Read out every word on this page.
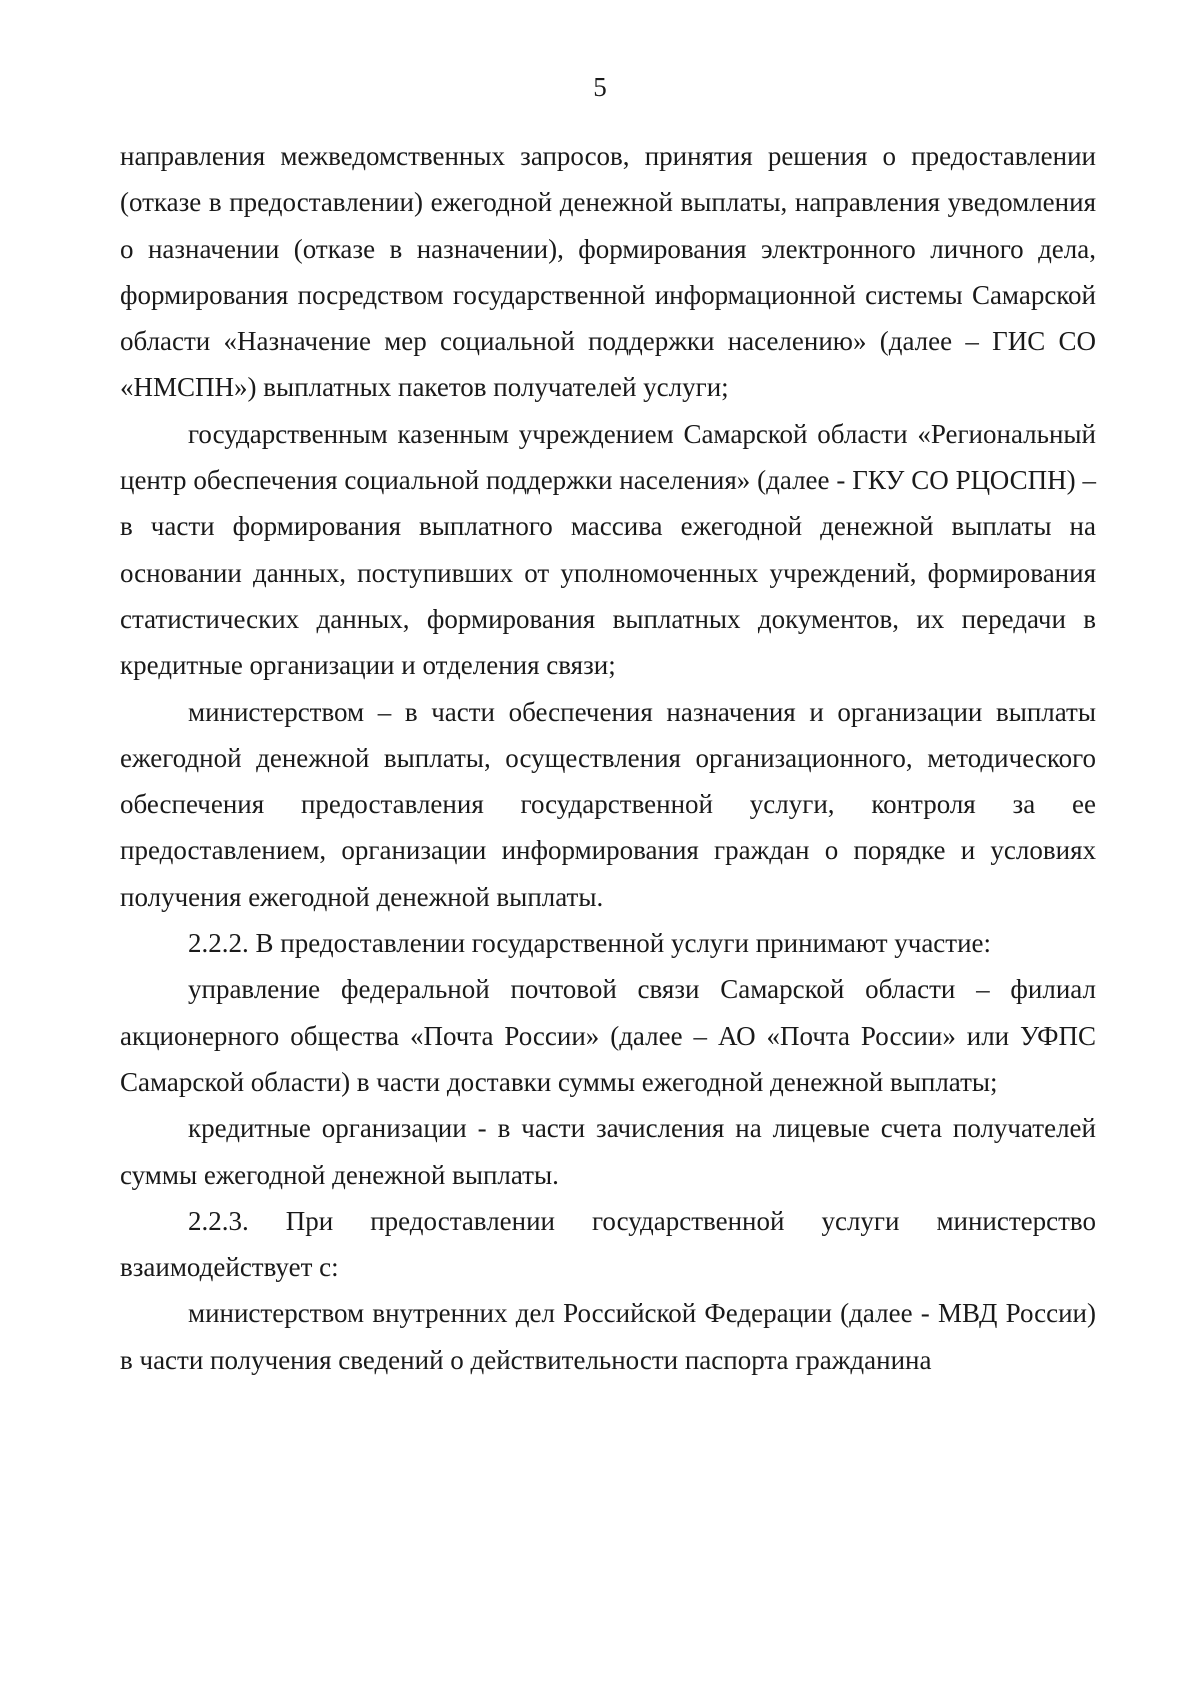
5

направления межведомственных запросов, принятия решения о предоставлении (отказе в предоставлении) ежегодной денежной выплаты, направления уведомления о назначении (отказе в назначении), формирования электронного личного дела, формирования посредством государственной информационной системы Самарской области «Назначение мер социальной поддержки населению» (далее – ГИС СО «НМСПН») выплатных пакетов получателей услуги;

государственным казенным учреждением Самарской области «Региональный центр обеспечения социальной поддержки населения» (далее - ГКУ СО РЦОСПН) – в части формирования выплатного массива ежегодной денежной выплаты на основании данных, поступивших от уполномоченных учреждений, формирования статистических данных, формирования выплатных документов, их передачи в кредитные организации и отделения связи;

министерством – в части обеспечения назначения и организации выплаты ежегодной денежной выплаты, осуществления организационного, методического обеспечения предоставления государственной услуги, контроля за ее предоставлением, организации информирования граждан о порядке и условиях получения ежегодной денежной выплаты.

2.2.2. В предоставлении государственной услуги принимают участие:

управление федеральной почтовой связи Самарской области – филиал акционерного общества «Почта России» (далее – АО «Почта России» или УФПС Самарской области) в части доставки суммы ежегодной денежной выплаты;

кредитные организации - в части зачисления на лицевые счета получателей суммы ежегодной денежной выплаты.

2.2.3. При предоставлении государственной услуги министерство взаимодействует с:

министерством внутренних дел Российской Федерации (далее - МВД России) в части получения сведений о действительности паспорта гражданина
